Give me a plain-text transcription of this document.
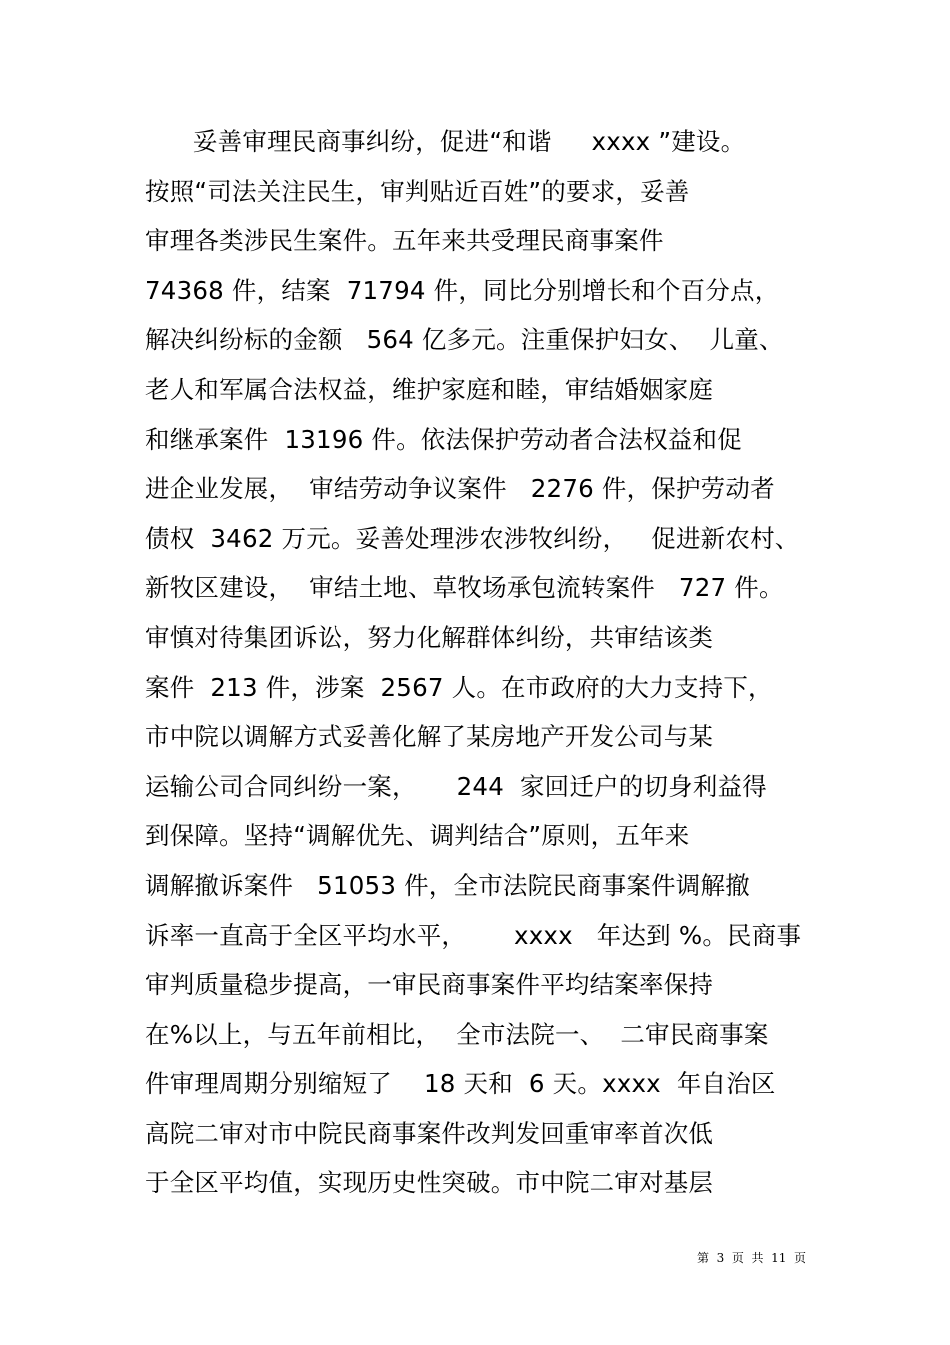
妥善审理民商事纠纷，促进“和谐     xxxx ”建设。
按照“司法关注民生，审判贴近百姓”的要求，妥善
审理各类涉民生案件。五年来共受理民商事案件
74368 件，结案  71794 件，同比分别增长和个百分点，
解决纠纷标的金额   564 亿多元。注重保护妇女、  儿童、
老人和军属合法权益，维护家庭和睦，审结婚姻家庭
和继承案件  13196 件。依法保护劳动者合法权益和促
进企业发展，  审结劳动争议案件   2276 件，保护劳动者
债权  3462 万元。妥善处理涉农涉牧纠纷，   促进新农村、
新牧区建设，  审结土地、草牧场承包流转案件   727 件。
审慎对待集团诉讼，努力化解群体纠纷，共审结该类
案件  213 件，涉案  2567 人。在市政府的大力支持下，
市中院以调解方式妥善化解了某房地产开发公司与某
运输公司合同纠纷一案，     244  家回迁户的切身利益得
到保障。坚持“调解优先、调判结合”原则，五年来
调解撤诉案件   51053 件，全市法院民商事案件调解撤
诉率一直高于全区平均水平，      xxxx   年达到 %。民商事
审判质量稳步提高，一审民商事案件平均结案率保持
在%以上，与五年前相比，  全市法院一、  二审民商事案
件审理周期分别缩短了    18 天和  6 天。xxxx  年自治区
高院二审对市中院民商事案件改判发回重审率首次低
于全区平均值，实现历史性突破。市中院二审对基层
第  3  页  共  11  页
